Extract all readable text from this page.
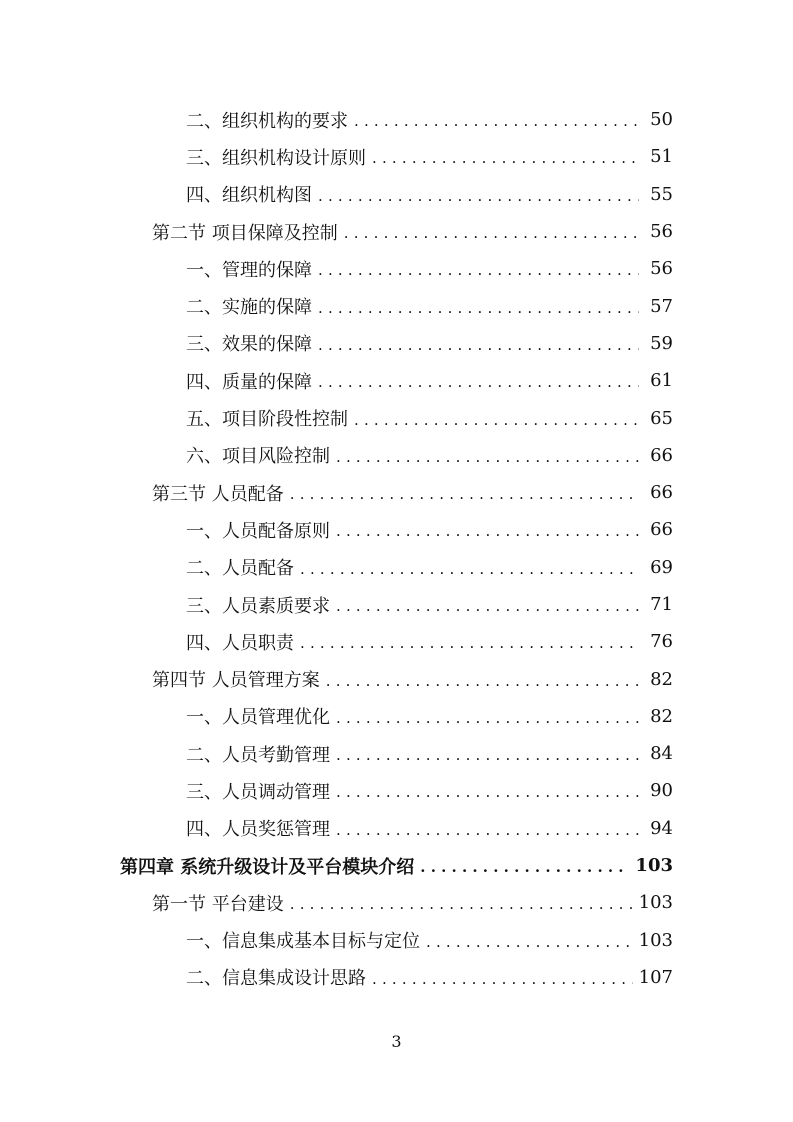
二、组织机构的要求 .....	50
三、组织机构设计原则 .....	51
四、组织机构图 .....	55
第二节 项目保障及控制 .....	56
一、管理的保障 .....	56
二、实施的保障 .....	57
三、效果的保障 .....	59
四、质量的保障 .....	61
五、项目阶段性控制 .....	65
六、项目风险控制 .....	66
第三节 人员配备 .....	66
一、人员配备原则 .....	66
二、人员配备 .....	69
三、人员素质要求 .....	71
四、人员职责 .....	76
第四节 人员管理方案 .....	82
一、人员管理优化 .....	82
二、人员考勤管理 .....	84
三、人员调动管理 .....	90
四、人员奖惩管理 .....	94
第四章 系统升级设计及平台模块介绍 .....	103
第一节 平台建设 .....	103
一、信息集成基本目标与定位 .....	103
二、信息集成设计思路 .....	107
3
